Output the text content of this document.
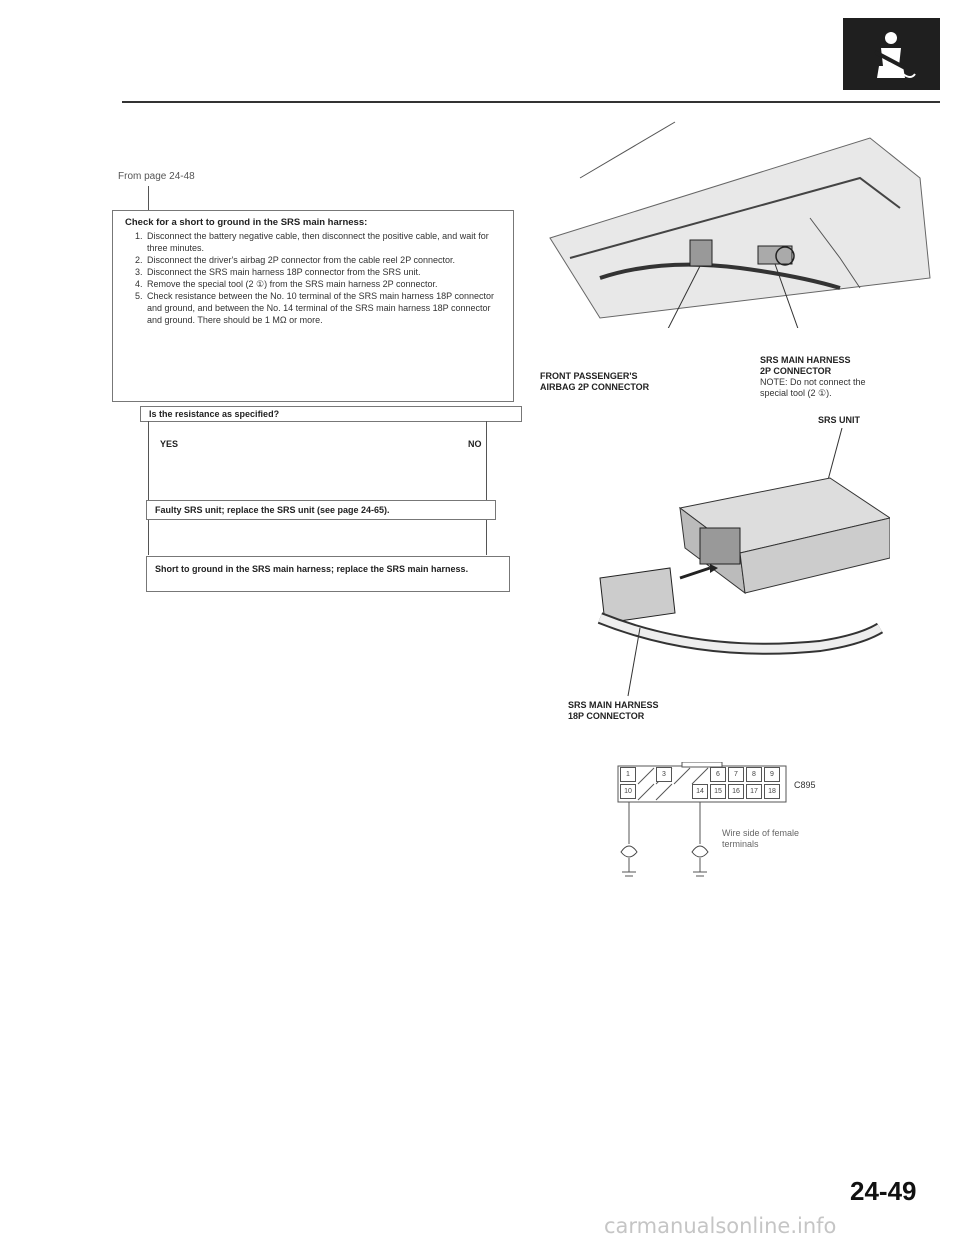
From page 24-48
Check for a short to ground in the SRS main harness:
1. Disconnect the battery negative cable, then disconnect the positive cable, and wait for three minutes.
2. Disconnect the driver's airbag 2P connector from the cable reel 2P connector.
3. Disconnect the SRS main harness 18P connector from the SRS unit.
4. Remove the special tool (2 ①) from the SRS main harness 2P connector.
5. Check resistance between the No. 10 terminal of the SRS main harness 18P connector and ground, and between the No. 14 terminal of the SRS main harness 18P connector and ground. There should be 1 MΩ or more.
Is the resistance as specified?
YES	NO
Faulty SRS unit; replace the SRS unit (see page 24-65).
Short to ground in the SRS main harness; replace the SRS main harness.
FRONT PASSENGER'S
AIRBAG 2P CONNECTOR
SRS MAIN HARNESS
2P CONNECTOR
NOTE: Do not connect the
special tool (2 ①).
SRS UNIT
SRS MAIN HARNESS
18P CONNECTOR
1	3	6	7	8	9
10	14	15	16	17	18
C895
Wire side of female
terminals
24-49
carmanualsonline.info
